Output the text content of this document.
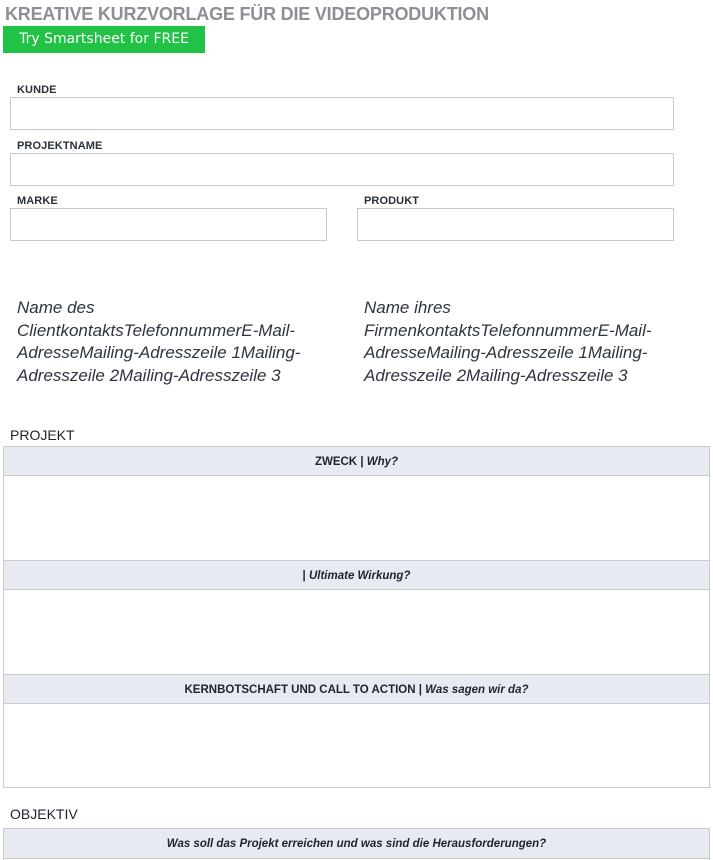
KREATIVE KURZVORLAGE FÜR DIE VIDEOPRODUKTION
Try Smartsheet for FREE
KUNDE
PROJEKTNAME
MARKE	PRODUKT
Name des ClientkontaktsTelefonnummerE-Mail-AdresseMailing-Adresszeile 1Mailing-Adresszeile 2Mailing-Adresszeile 3
Name ihres FirmenkontaktsTelefonnummerE-Mail-AdresseMailing-Adresszeile 1Mailing-Adresszeile 2Mailing-Adresszeile 3
PROJEKT
ZWECK | Why?
| Ultimate Wirkung?
KERNBOTSCHAFT UND CALL TO ACTION | Was sagen wir da?
OBJEKTIV
Was soll das Projekt erreichen und was sind die Herausforderungen?
